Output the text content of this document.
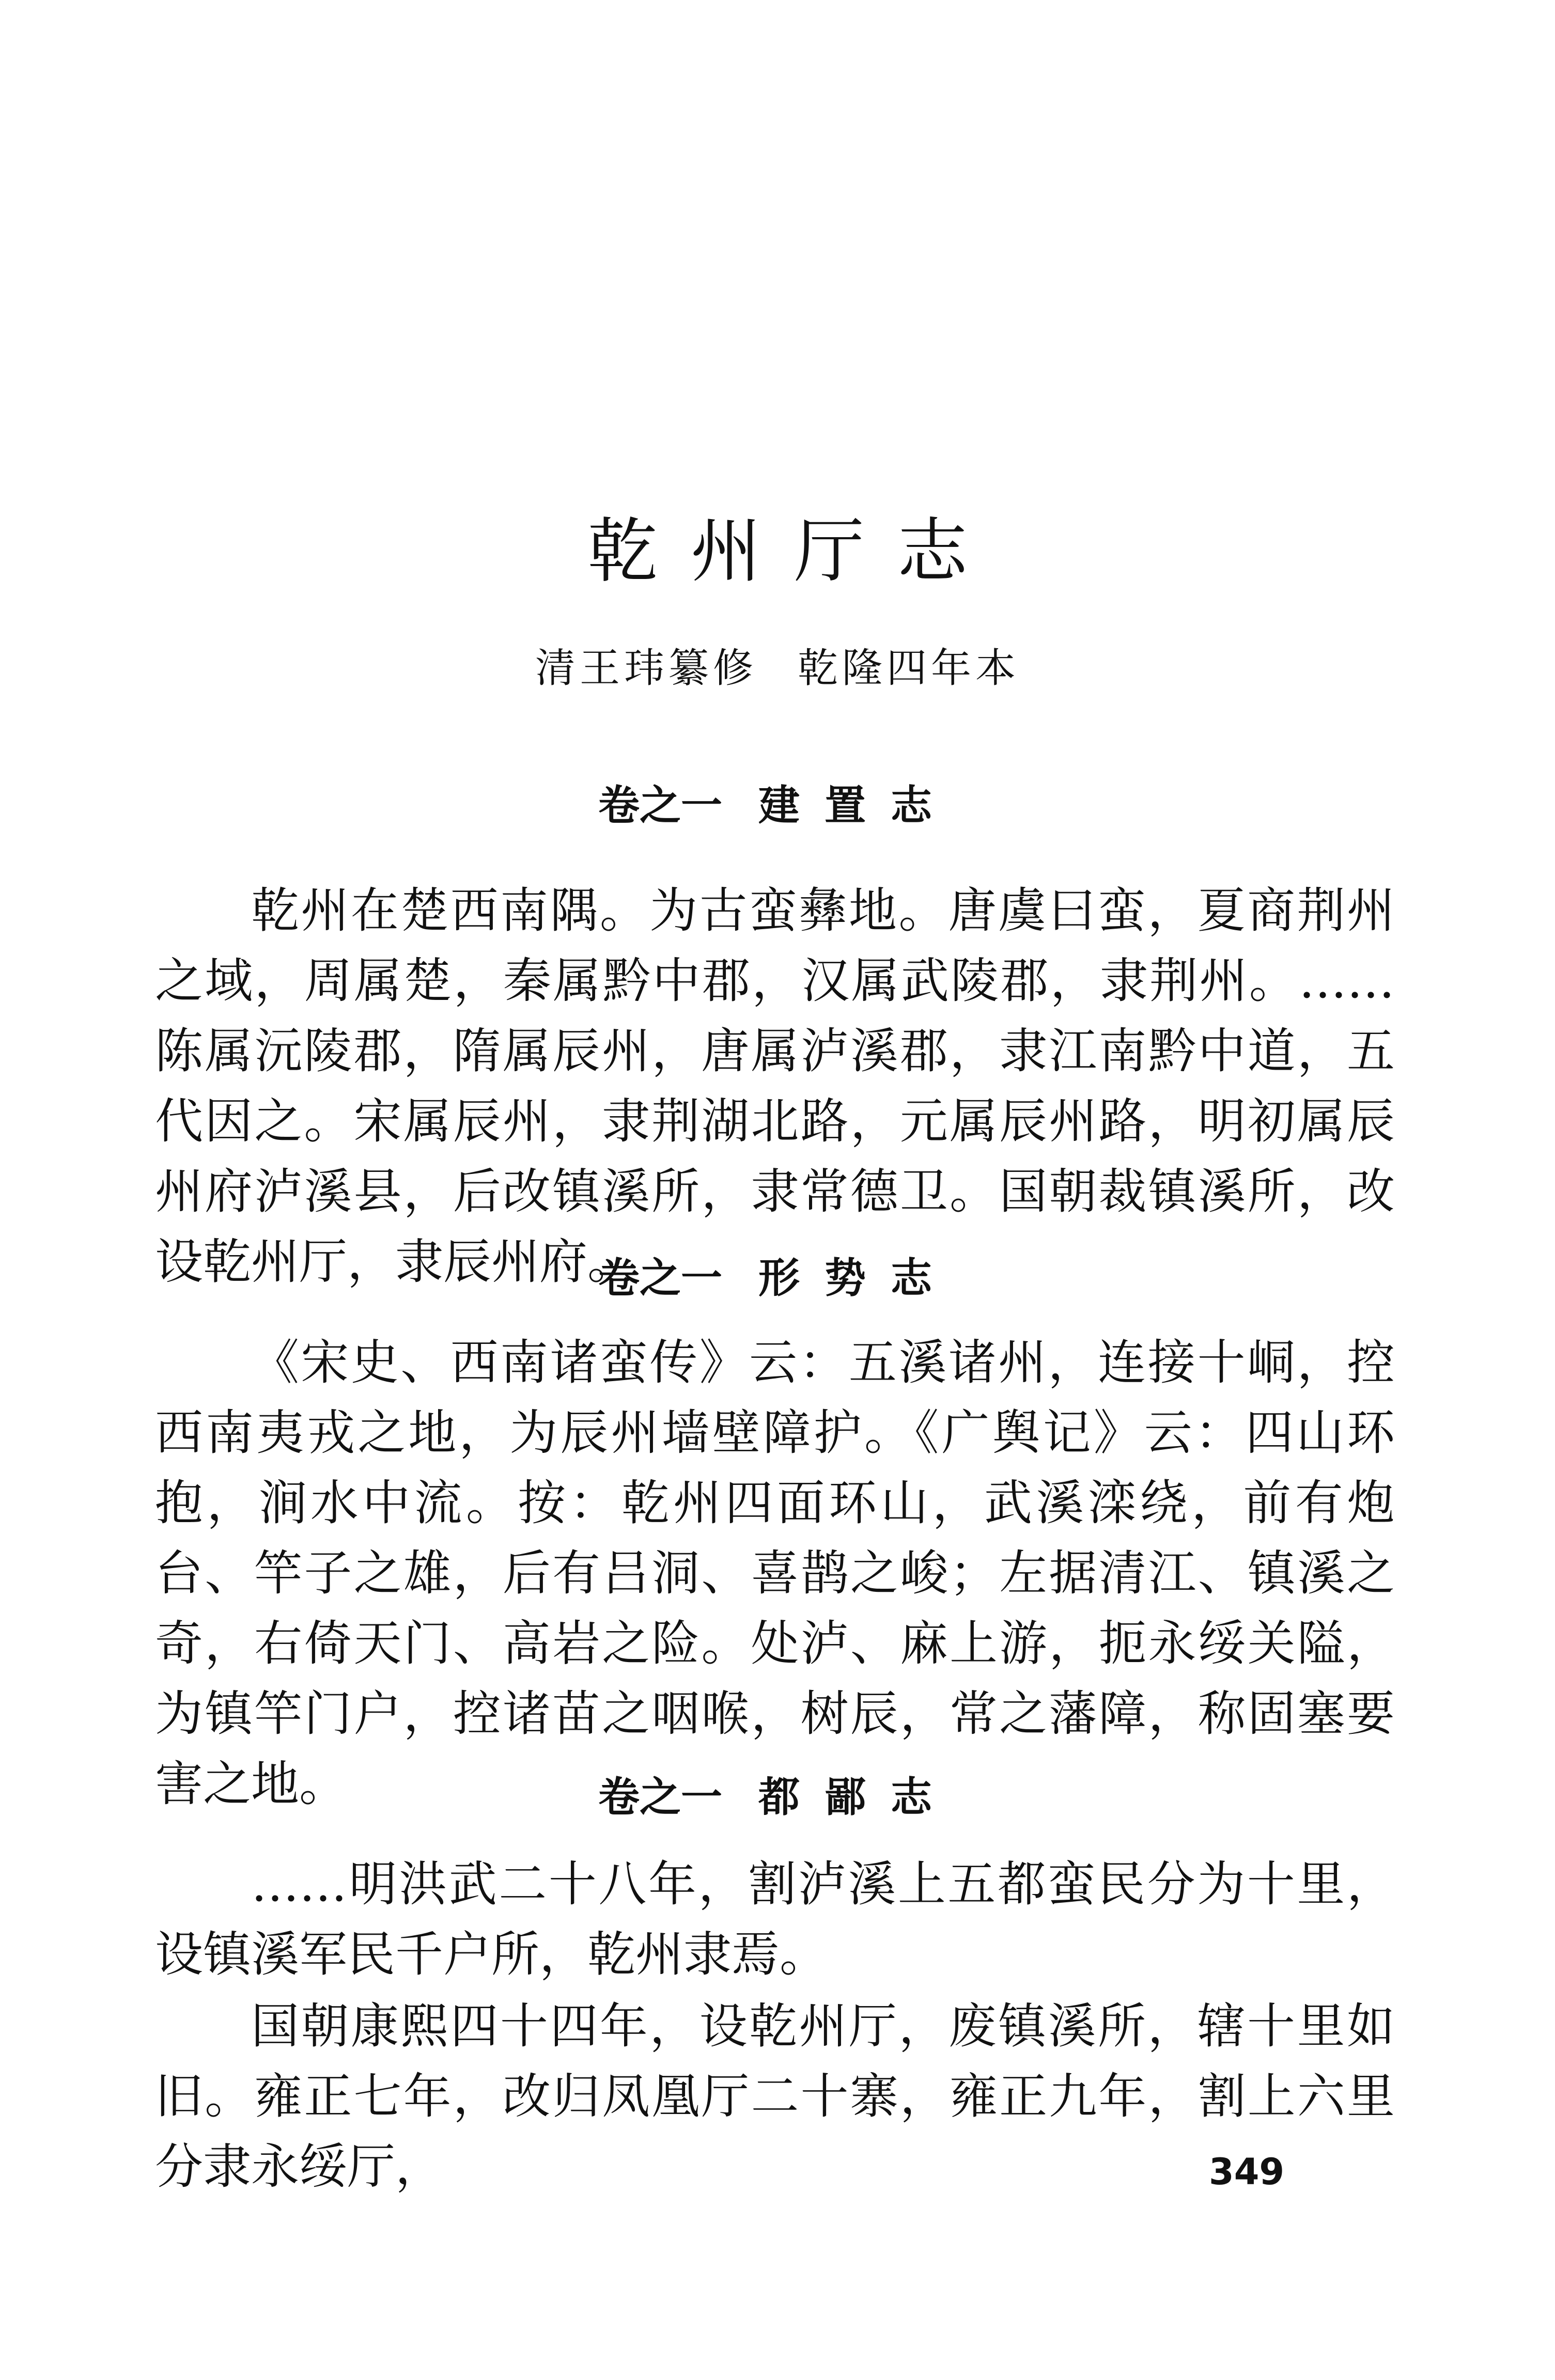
乾州厅志
清王玮纂修 乾隆四年本
卷之一 建置志

乾州在楚西南隅。为古蛮彝地。唐虞曰蛮，夏商荆州之域，周属楚，秦属黔中郡，汉属武陵郡，隶荆州。……陈属沅陵郡，隋属辰州，唐属泸溪郡，隶江南黔中道，五代因之。宋属辰州，隶荆湖北路，元属辰州路，明初属辰州府泸溪县，后改镇溪所，隶常德卫。国朝裁镇溪所，改设乾州厅，隶辰州府。

卷之一 形势志

《宋史、西南诸蛮传》云：五溪诸州，连接十峒，控西南夷戎之地，为辰州墙壁障护。《广舆记》云：四山环抱，涧水中流。按：乾州四面环山，武溪滦绕，前有炮台、竿子之雄，后有吕洞、喜鹊之峻；左据清江、镇溪之奇，右倚天门、高岩之险。处泸、麻上游，扼永绥关隘，为镇竿门户，控诸苗之咽喉，树辰，常之藩障，称固塞要害之地。	卷之一 都鄙志

……明洪武二十八年，割泸溪上五都蛮民分为十里，设镇溪军民千户所，乾州隶焉。

国朝康熙四十四年，设乾州厅，废镇溪所，辖十里如旧。雍正七年，改归凤凰厅二十寨，雍正九年，割上六里分隶永绥厅，	349
